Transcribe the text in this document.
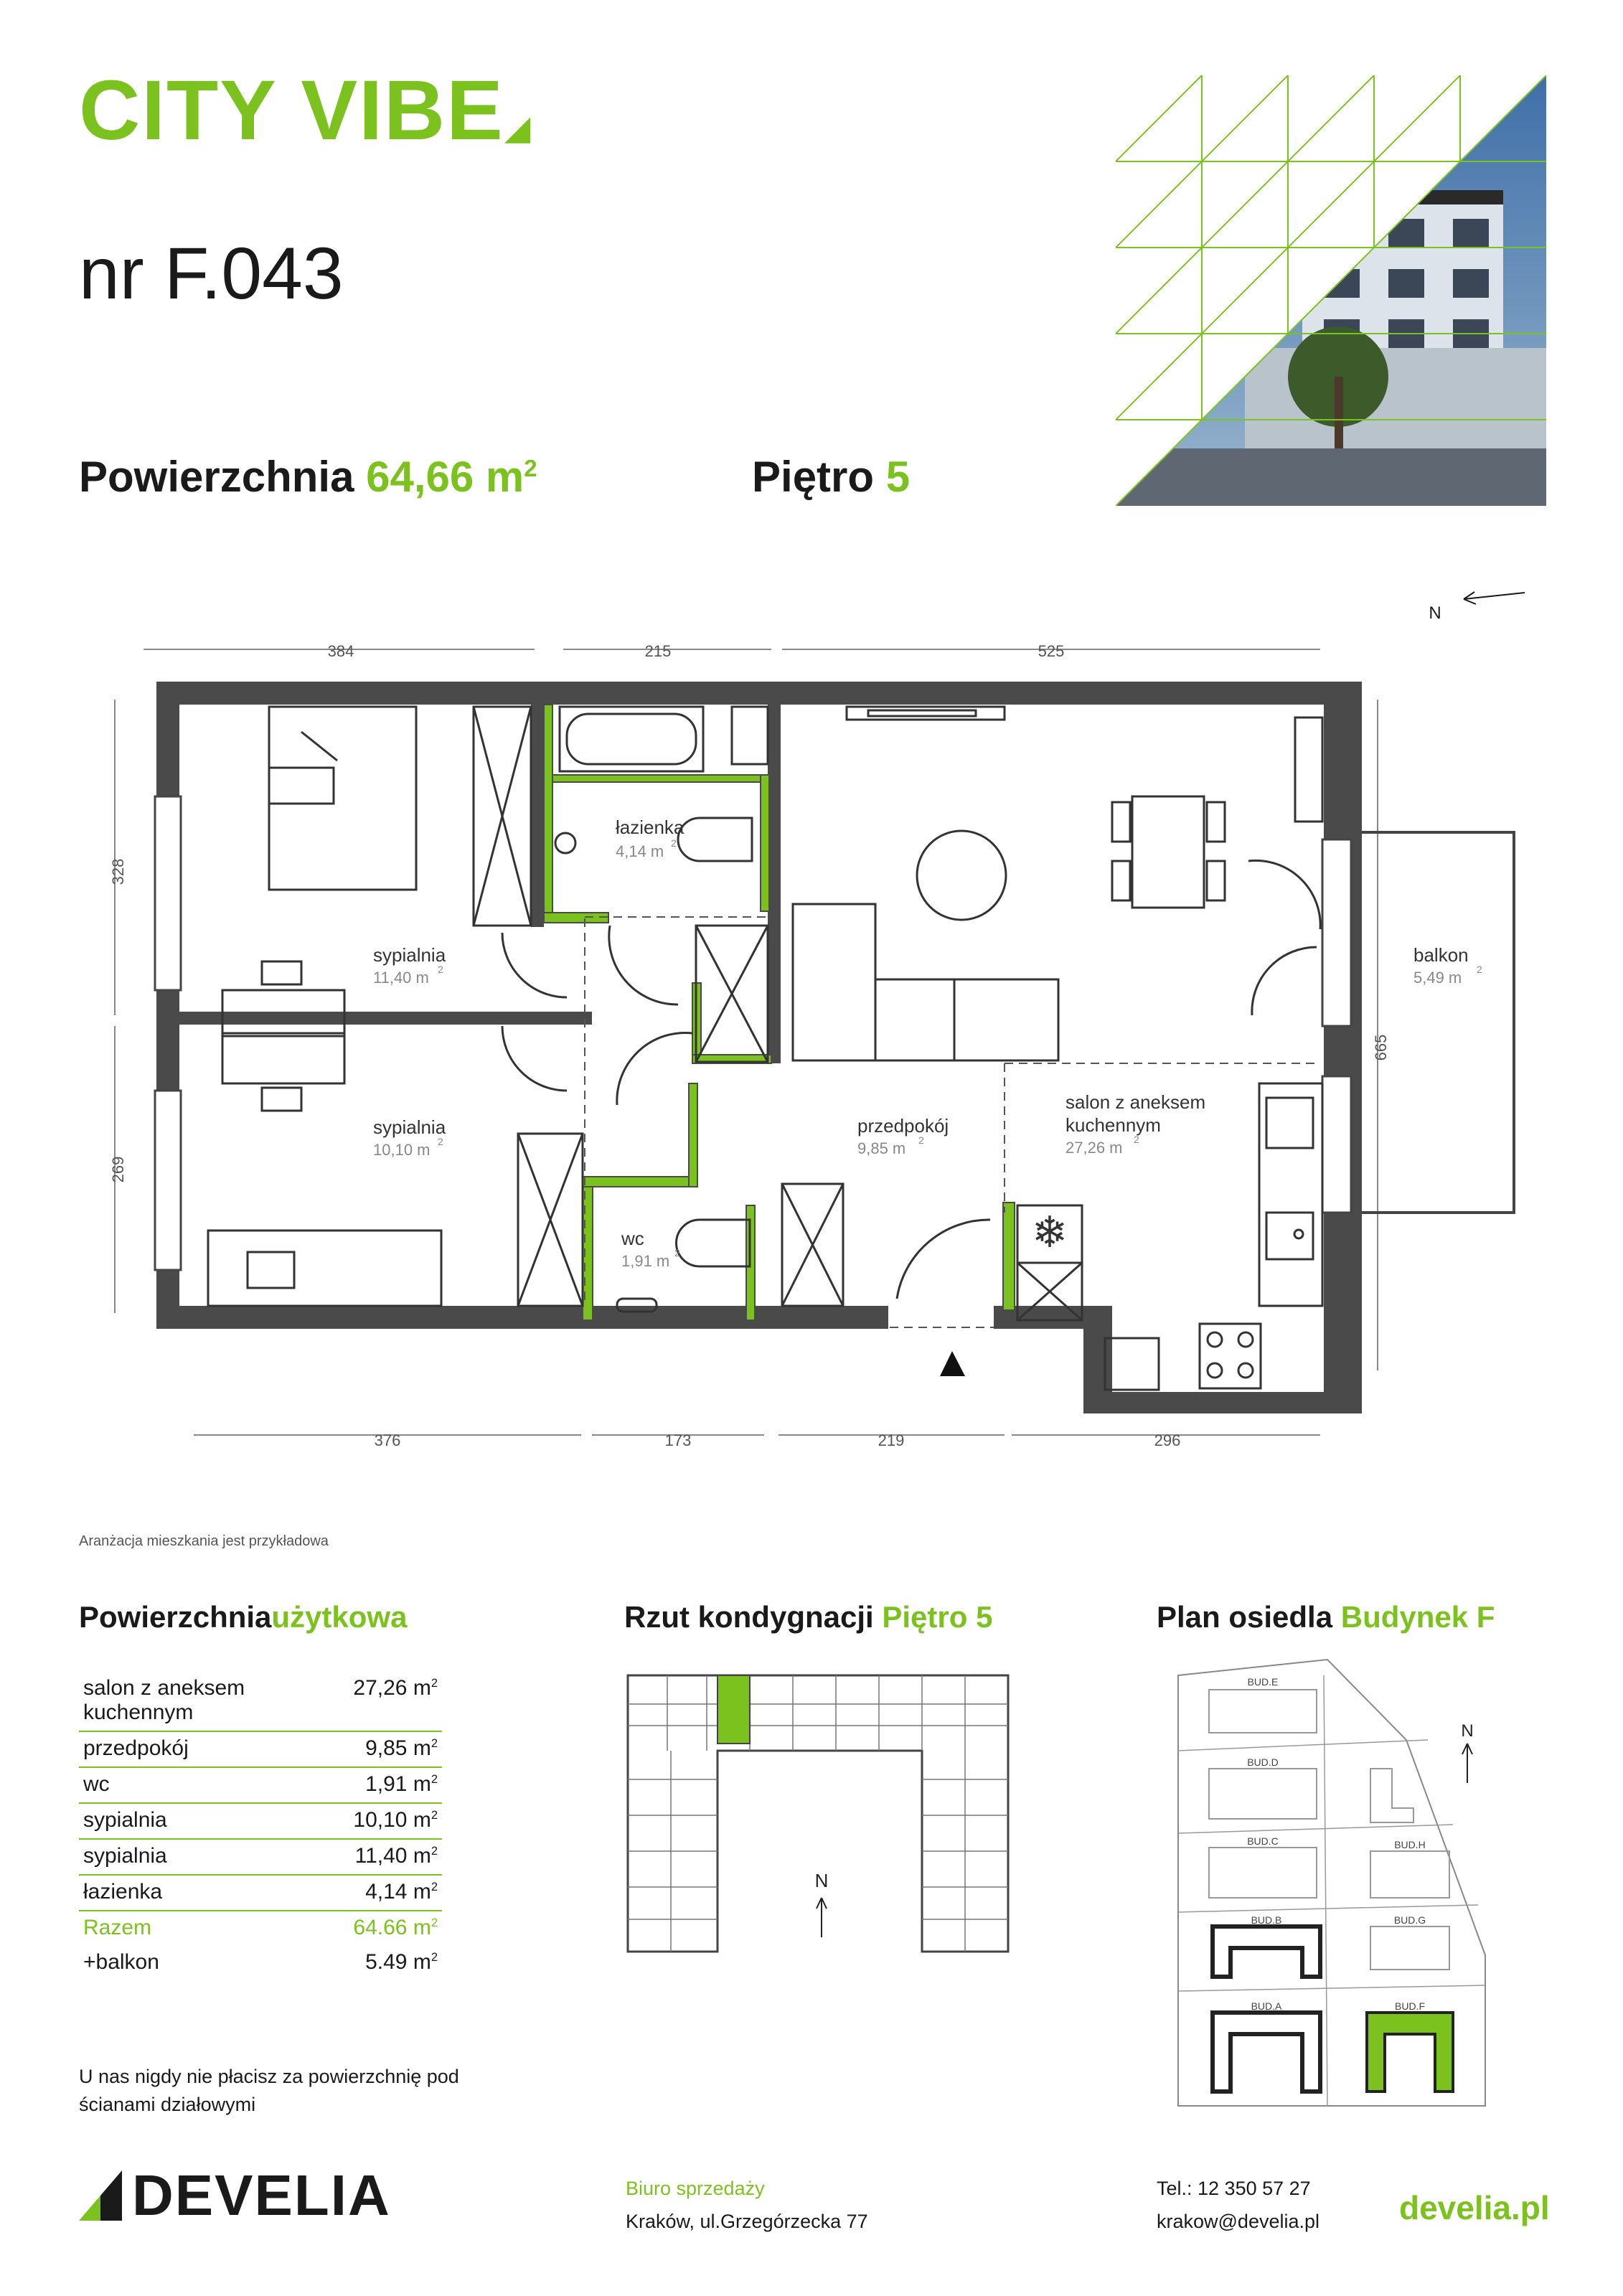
CITY VIBE◢
nr F.043
Powierzchnia 64,66 $m^2$	Piętro 5
N
384	215	525
376	173	219	296
328
269
665
❄
łazienka
4,14 m
sypialnia
11,40 m
sypialnia
10,10 m
przedpokój
9,85 m
wc
1,91 m
salon z aneksem
kuchennym
27,26 m
balkon
5,49 m
2
2
2	2
2
2
2
Aranżacja mieszkania jest przykładowa
Powierzchniaużytkowa
salon z aneksem
kuchennym
27,26 $m^2$
przedpokój	9,85 $m^2$
wc	1,91 $m^2$
sypialnia	10,10 $m^2$
sypialnia	11,40 $m^2$
łazienka	4,14 $m^2$
Razem	64.66 $m^2$
+balkon	5.49 $m^2$
Rzut kondygnacji Piętro 5
N
Plan osiedla Budynek F
BUD.E
BUD.D
BUD.C	BUD.H
BUD.B	BUD.G
BUD.A	BUD.F
N
U nas nigdy nie płacisz za powierzchnię pod ścianami działowymi
DEVELIA	Biuro sprzedaży
Kraków, ul.Grzegórzecka 77
Tel.: 12 350 57 27
krakow@develia.pl develia.pl
